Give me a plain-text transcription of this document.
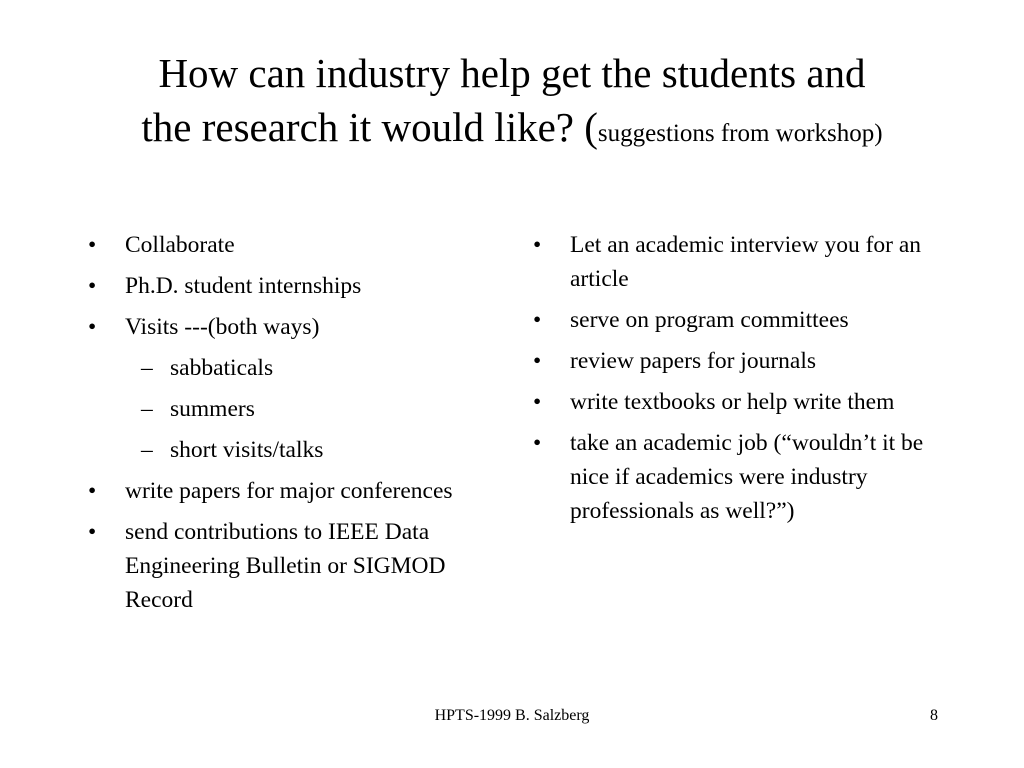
How can industry help get the students and
the research it would like? (suggestions from workshop)
• Collaborate
• Ph.D. student internships
• Visits ---(both ways)
– sabbaticals
– summers
– short visits/talks
• write papers for major conferences
• send contributions to IEEE Data Engineering Bulletin or SIGMOD Record
• Let an academic interview you for an article
• serve on program committees
• review papers for journals
• write textbooks or help write them
• take an academic job (“wouldn’t it be nice if academics were industry professionals as well?”)
HPTS-1999 B. Salzberg	8
